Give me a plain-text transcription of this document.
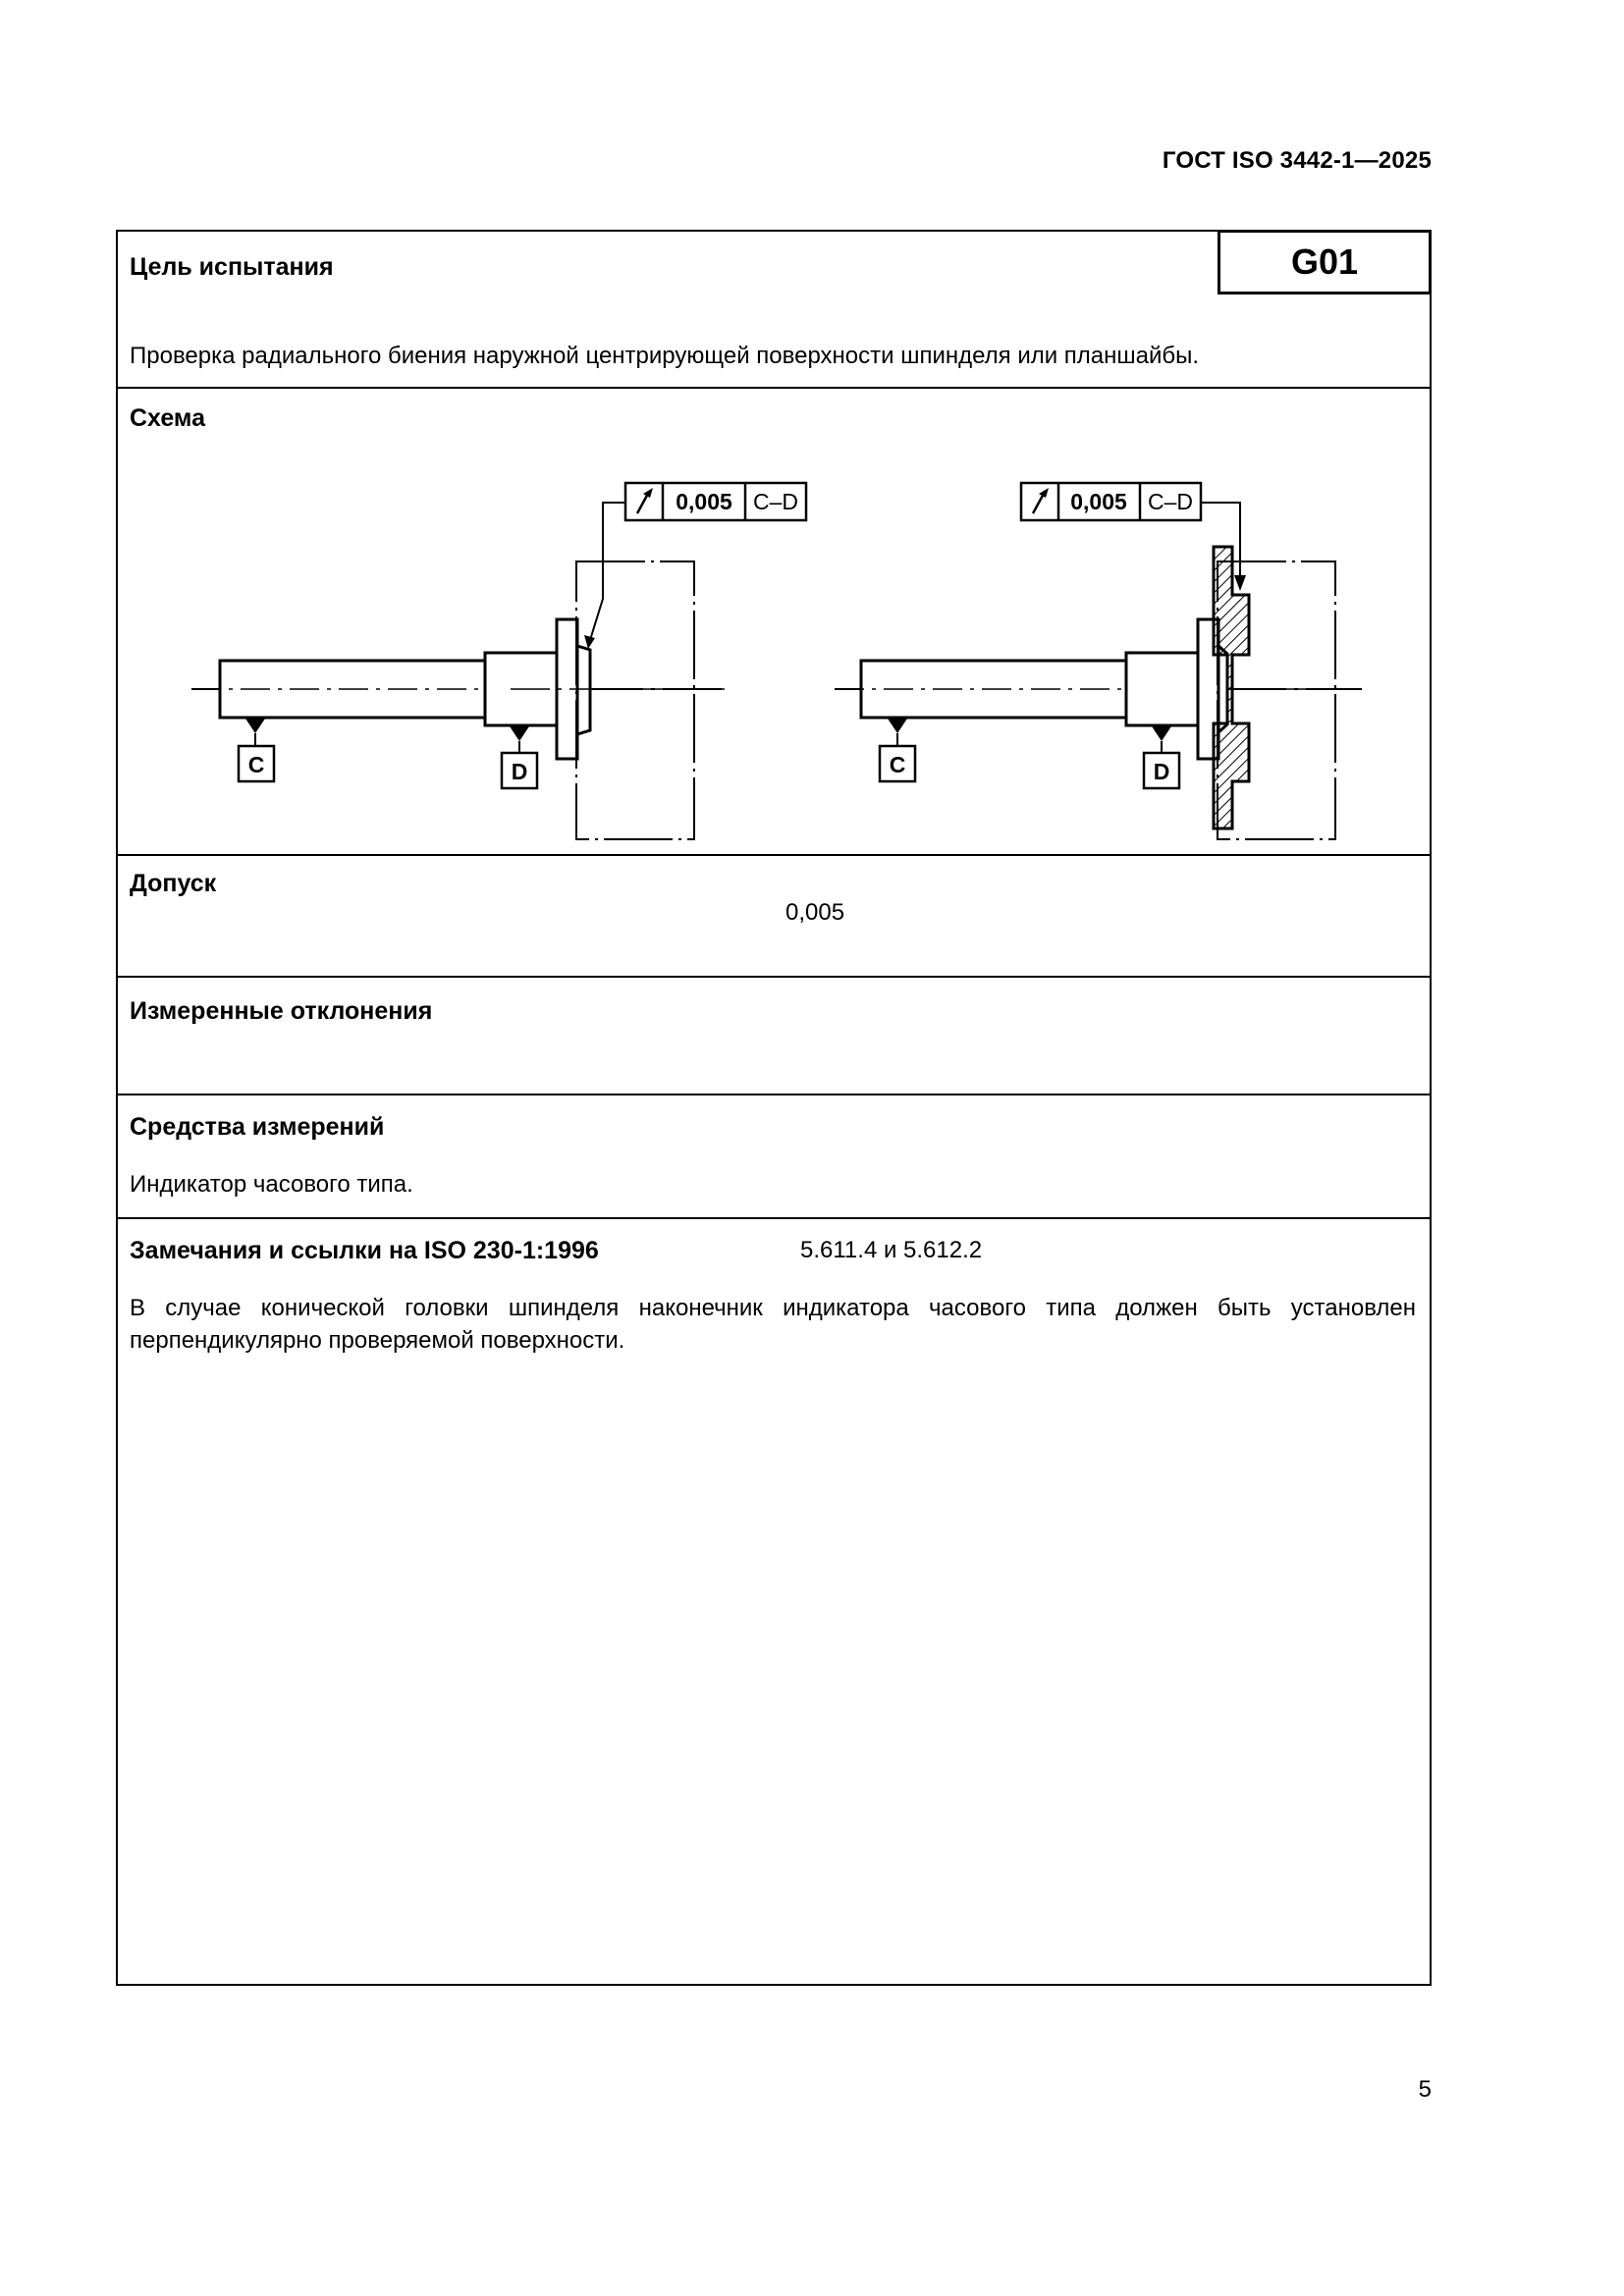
ГОСТ ISO 3442-1—2025
Цель испытания	G01
Проверка радиального биения наружной центрирующей поверхности шпинделя или планшайбы.
Схема
C	D
0,005 C–D
C	D
0,005 C–D
Допуск
0,005
Измеренные отклонения
Средства измерений
Индикатор часового типа.
Замечания и ссылки на ISO 230-1:1996	5.611.4 и 5.612.2
В случае конической головки шпинделя наконечник индикатора часового типа должен быть установлен перпендикулярно проверяемой поверхности.
5
